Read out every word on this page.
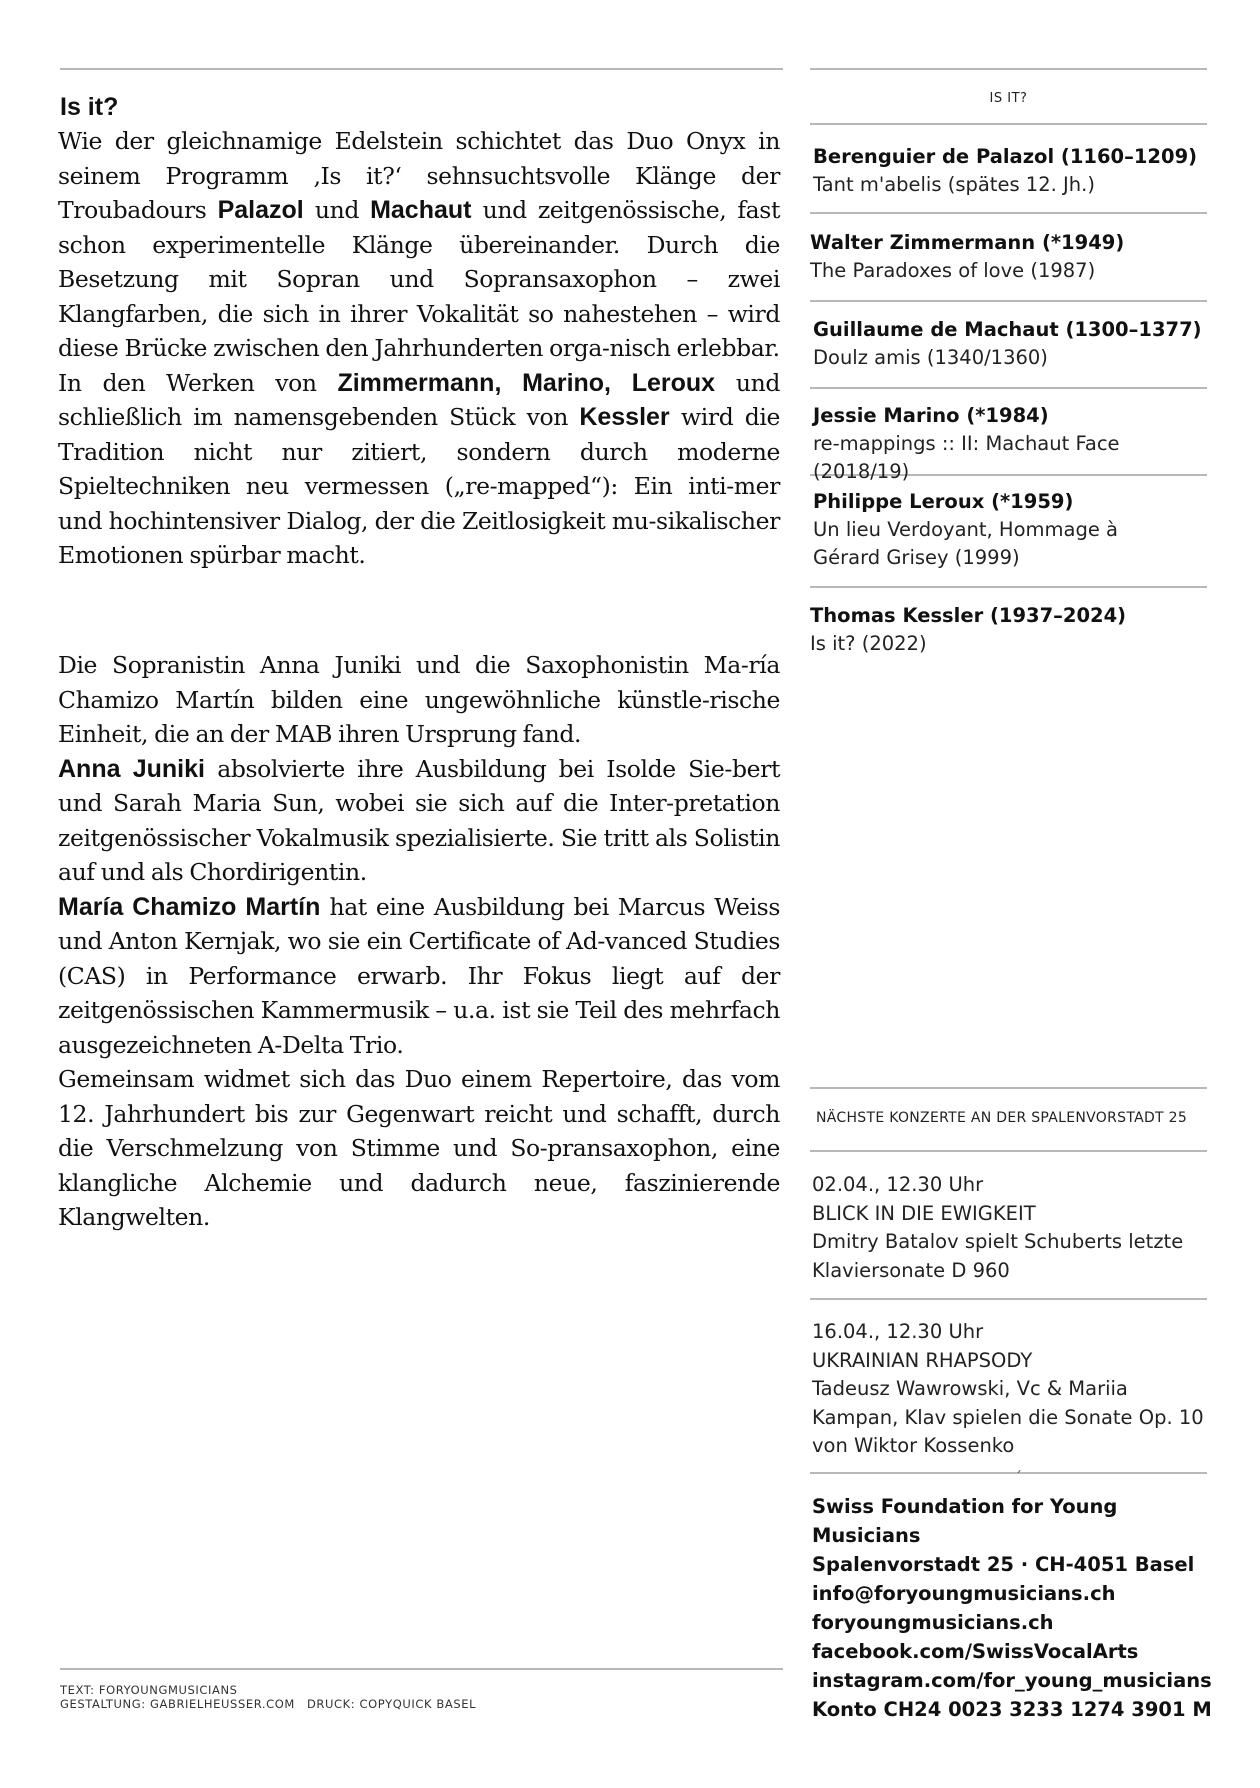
Is it?

Wie der gleichnamige Edelstein schichtet das Duo Onyx in seinem Programm ‚Is it?‘ sehnsuchtsvolle Klänge der Troubadours Palazol und Machaut und zeitgenössische, fast schon experimentelle Klänge übereinander. Durch die Besetzung mit Sopran und Sopransaxophon – zwei Klangfarben, die sich in ihrer Vokalität so nahestehen – wird diese Brücke zwischen den Jahrhunderten orga-nisch erlebbar.

In den Werken von Zimmermann, Marino, Leroux und schließlich im namensgebenden Stück von Kessler wird die Tradition nicht nur zitiert, sondern durch moderne Spieltechniken neu vermessen („re-mapped“): Ein inti-mer und hochintensiver Dialog, der die Zeitlosigkeit mu-sikalischer Emotionen spürbar macht.

Die Sopranistin Anna Juniki und die Saxophonistin Ma-ría Chamizo Martín bilden eine ungewöhnliche künstle-rische Einheit, die an der MAB ihren Ursprung fand.

Anna Juniki absolvierte ihre Ausbildung bei Isolde Sie-bert und Sarah Maria Sun, wobei sie sich auf die Inter-pretation zeitgenössischer Vokalmusik spezialisierte. Sie tritt als Solistin auf und als Chordirigentin.

María Chamizo Martín hat eine Ausbildung bei Marcus Weiss und Anton Kernjak, wo sie ein Certificate of Ad-vanced Studies (CAS) in Performance erwarb. Ihr Fokus liegt auf der zeitgenössischen Kammermusik – u.a. ist sie Teil des mehrfach ausgezeichneten A-Delta Trio.

Gemeinsam widmet sich das Duo einem Repertoire, das vom 12. Jahrhundert bis zur Gegenwart reicht und schafft, durch die Verschmelzung von Stimme und So-pransaxophon, eine klangliche Alchemie und dadurch neue, faszinierende Klangwelten.

TEXT: FORYOUNGMUSICIANS
GESTALTUNG: GABRIELHEUSSER.COM DRUCK: COPYQUICK BASEL
IS IT?
Berenguier de Palazol (1160–1209)
Tant m'abelis (spätes 12. Jh.)
Walter Zimmermann (*1949)
The Paradoxes of love (1987)
Guillaume de Machaut (1300–1377)
Doulz amis (1340/1360)
Jessie Marino (*1984)
re-mappings :: II: Machaut Face (2018/19)
Philippe Leroux (*1959)
Un lieu Verdoyant, Hommage à Gérard Grisey (1999)
Thomas Kessler (1937–2024)
Is it? (2022)
NÄCHSTE KONZERTE AN DER SPALENVORSTADT 25
02.04., 12.30 Uhr
BLICK IN DIE EWIGKEIT
Dmitry Batalov spielt Schuberts letzte Klaviersonate D 960
16.04., 12.30 Uhr
UKRAINIAN RHAPSODY
Tadeusz Wawrowski, Vc & Mariia Kampan, Klav spielen die Sonate Op. 10 von Wiktor Kossenko
´
Swiss Foundation for Young Musicians
Spalenvorstadt 25 · CH-4051 Basel
info@foryoungmusicians.ch
foryoungmusicians.ch
facebook.com/SwissVocalArts
instagram.com/for_young_musicians
Konto CH24 0023 3233 1274 3901 M
